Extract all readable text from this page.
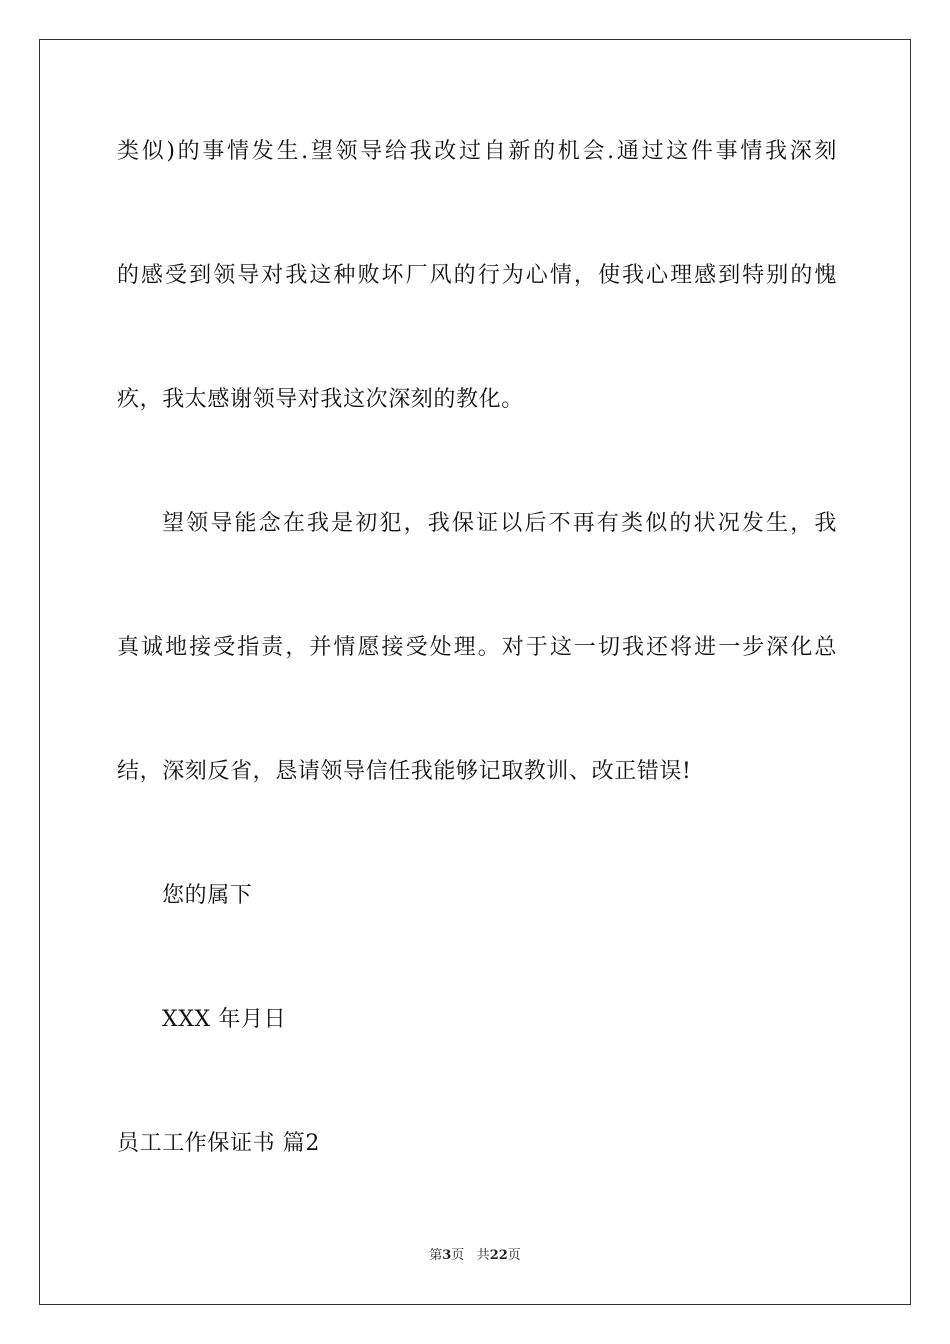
类似)的事情发生.望领导给我改过自新的机会.通过这件事情我深刻
的感受到领导对我这种败坏厂风的行为心情，使我心理感到特别的愧
疚，我太感谢领导对我这次深刻的教化。
望领导能念在我是初犯，我保证以后不再有类似的状况发生，我
真诚地接受指责，并情愿接受处理。对于这一切我还将进一步深化总
结，深刻反省，恳请领导信任我能够记取教训、改正错误!
您的属下
XXX 年月日
员工工作保证书 篇2
第3页 共22页
